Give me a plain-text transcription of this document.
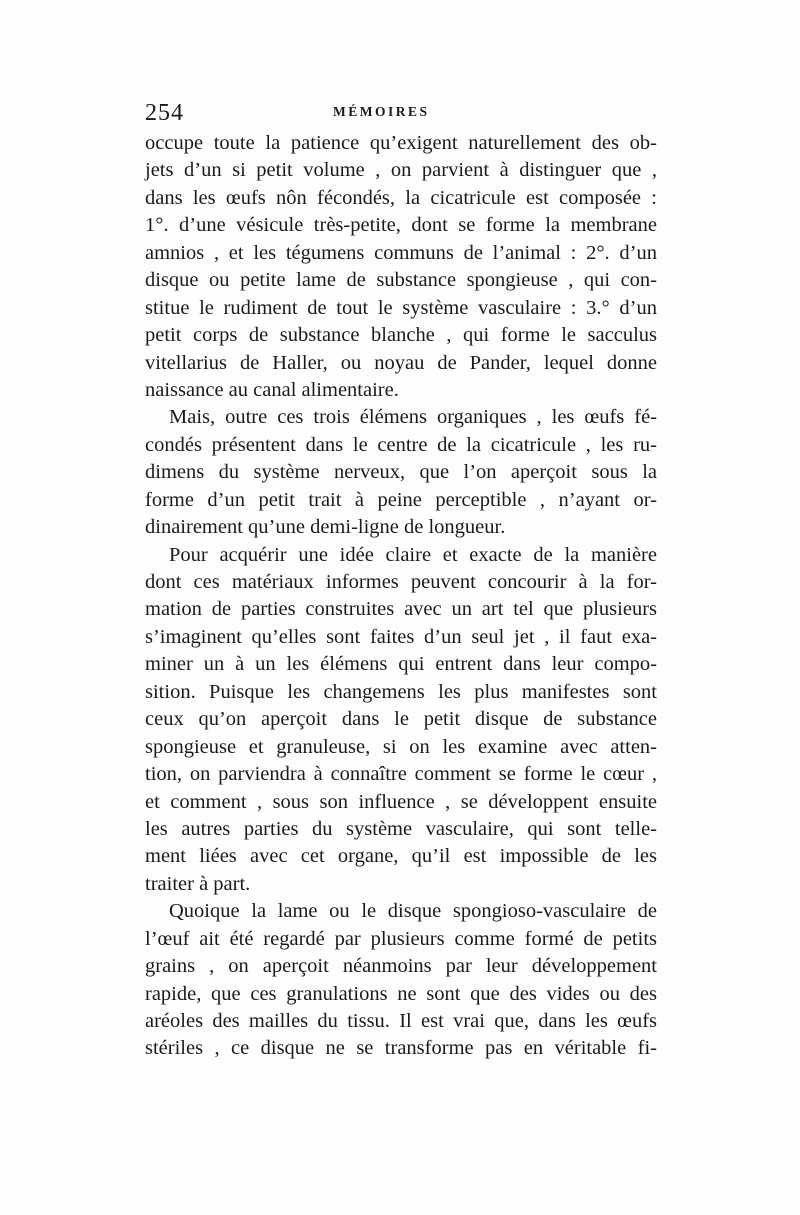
254	MÉMOIRES
occupe toute la patience qu’exigent naturellement des ob-
jets d’un si petit volume , on parvient à distinguer que ,
dans les œufs nôn fécondés, la cicatricule est composée :
1°. d’une vésicule très-petite, dont se forme la membrane
amnios , et les tégumens communs de l’animal : 2°. d’un
disque ou petite lame de substance spongieuse , qui con-
stitue le rudiment de tout le système vasculaire : 3.° d’un
petit corps de substance blanche , qui forme le sacculus
vitellarius de Haller, ou noyau de Pander, lequel donne
naissance au canal alimentaire.
Mais, outre ces trois élémens organiques , les œufs fé-
condés présentent dans le centre de la cicatricule , les ru-
dimens du système nerveux, que l’on aperçoit sous la
forme d’un petit trait à peine perceptible , n’ayant or-
dinairement qu’une demi-ligne de longueur.
Pour acquérir une idée claire et exacte de la manière
dont ces matériaux informes peuvent concourir à la for-
mation de parties construites avec un art tel que plusieurs
s’imaginent qu’elles sont faites d’un seul jet , il faut exa-
miner un à un les élémens qui entrent dans leur compo-
sition. Puisque les changemens les plus manifestes sont
ceux qu’on aperçoit dans le petit disque de substance
spongieuse et granuleuse, si on les examine avec atten-
tion, on parviendra à connaître comment se forme le cœur ,
et comment , sous son influence , se développent ensuite
les autres parties du système vasculaire, qui sont telle-
ment liées avec cet organe, qu’il est impossible de les
traiter à part.
Quoique la lame ou le disque spongioso-vasculaire de
l’œuf ait été regardé par plusieurs comme formé de petits
grains , on aperçoit néanmoins par leur développement
rapide, que ces granulations ne sont que des vides ou des
aréoles des mailles du tissu. Il est vrai que, dans les œufs
stériles , ce disque ne se transforme pas en véritable fi-
